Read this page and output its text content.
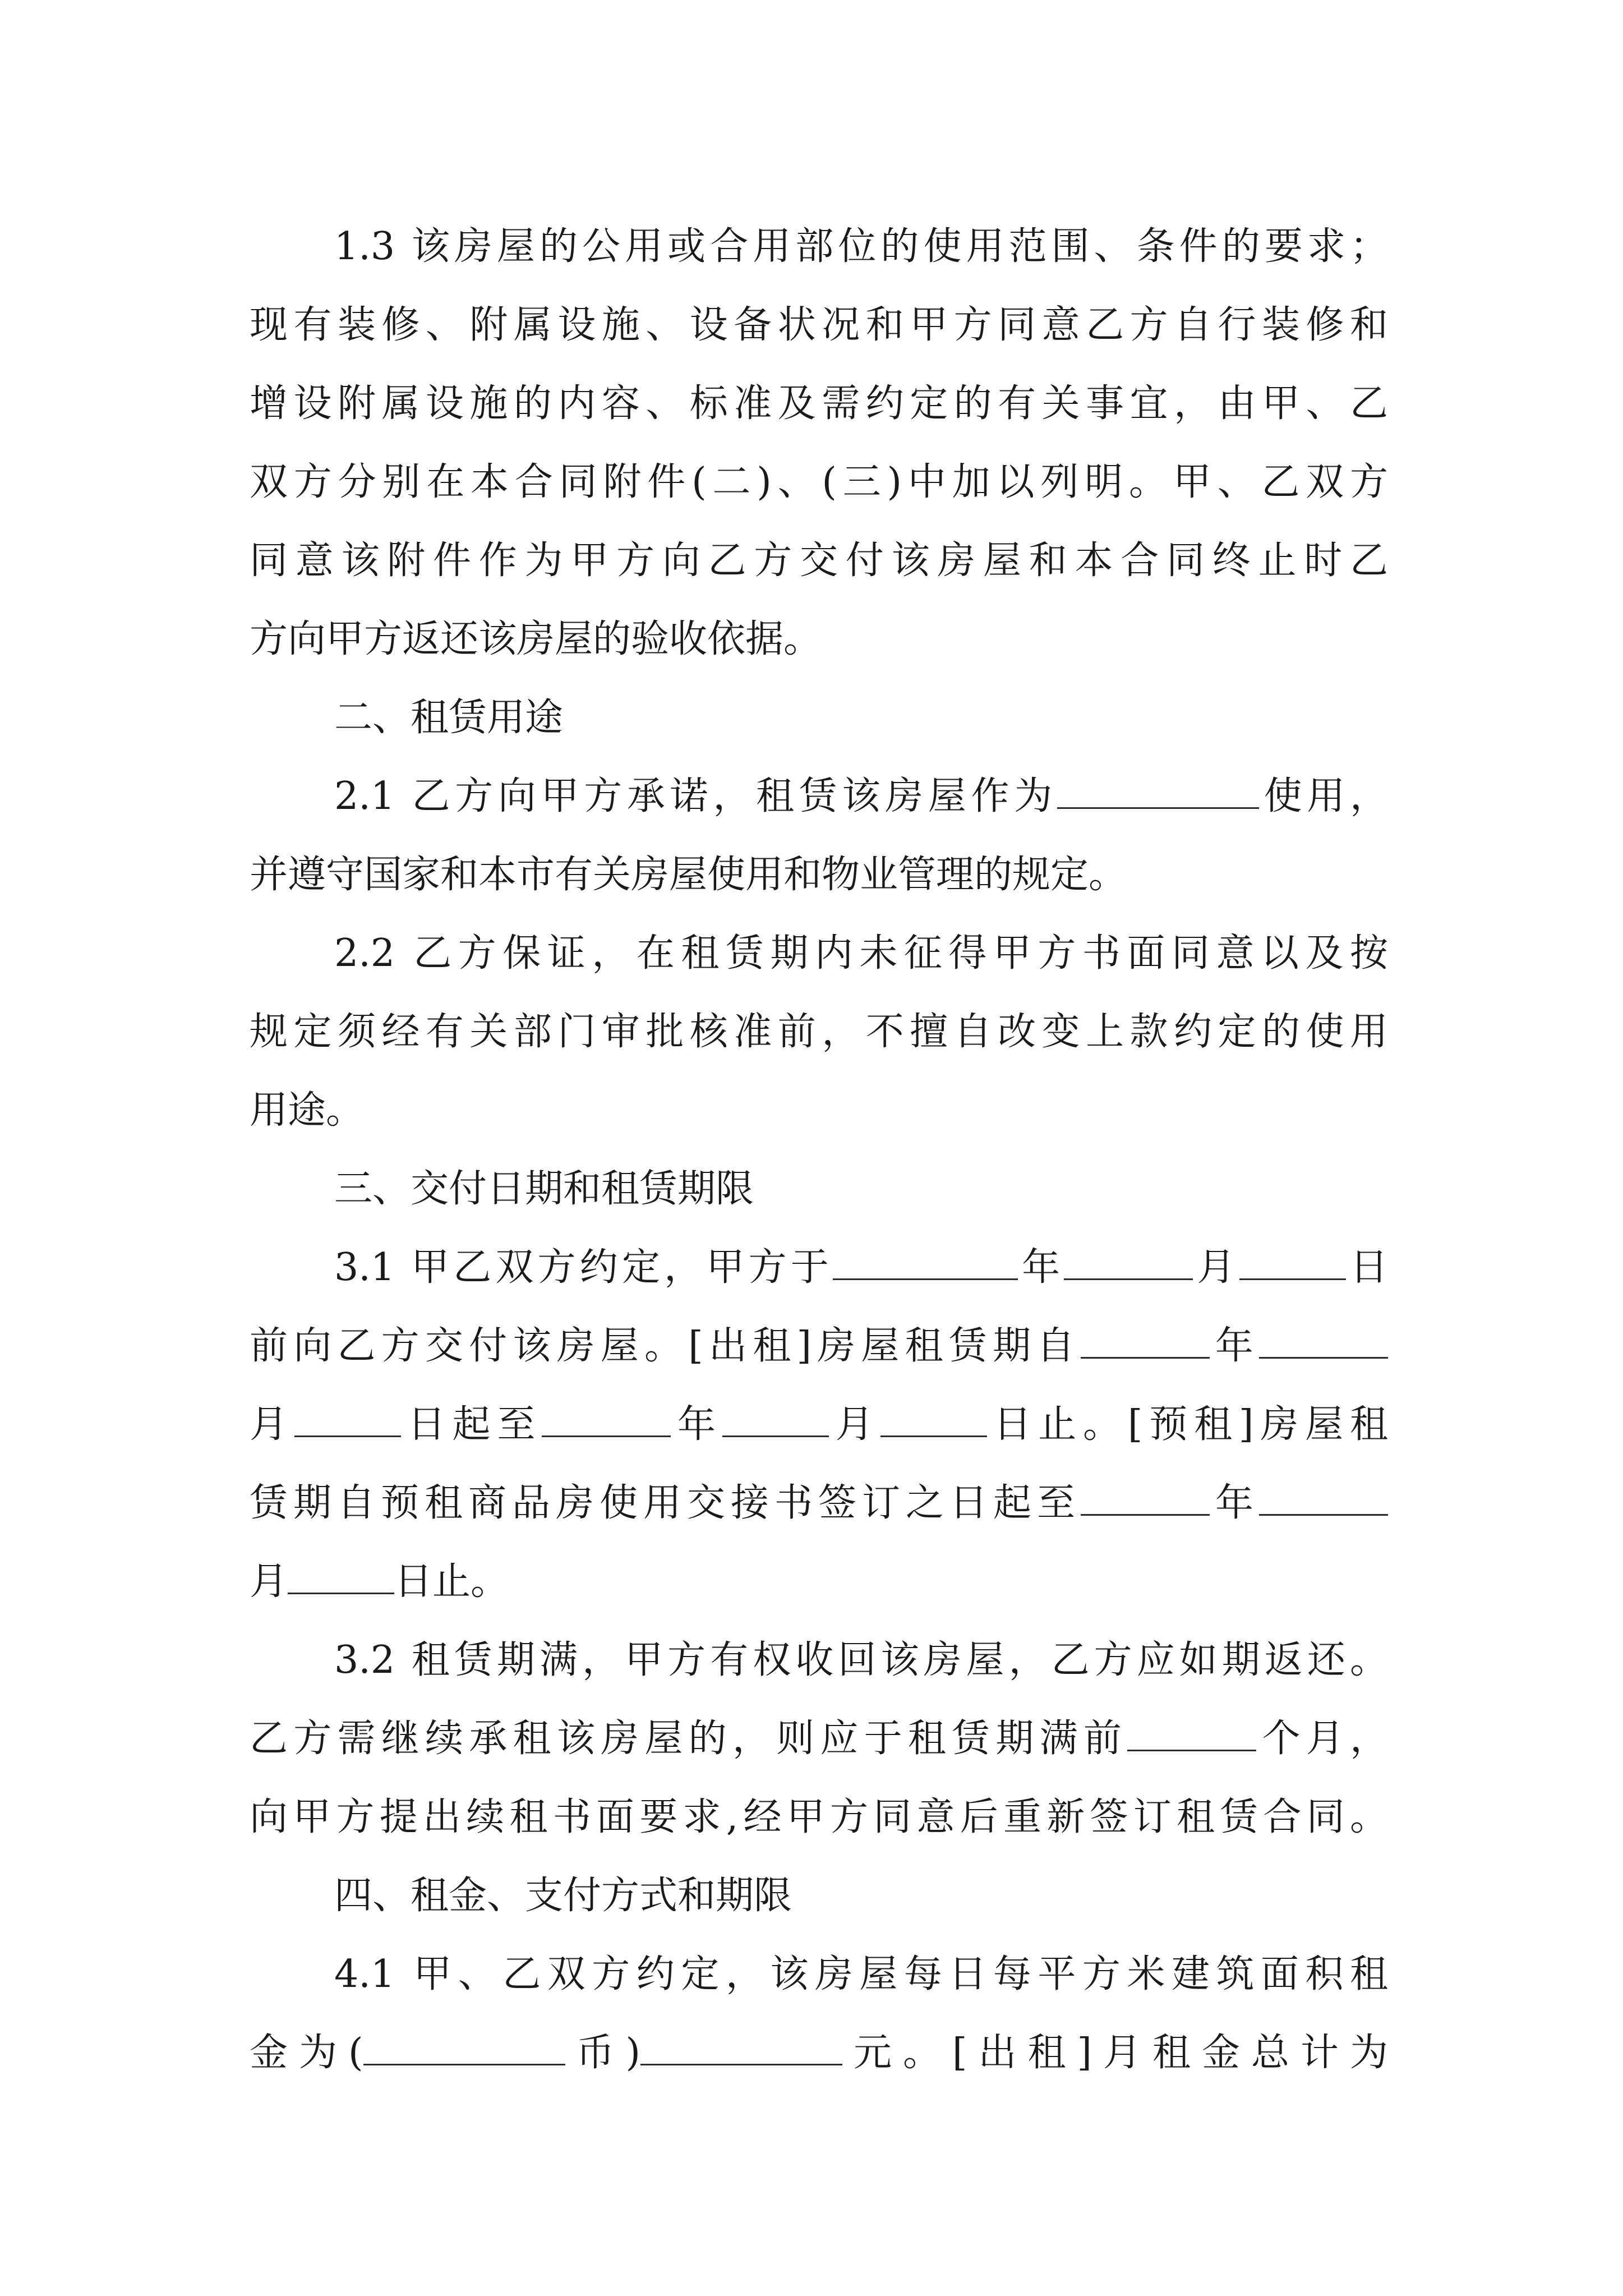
1.3 该房屋的公用或合用部位的使用范围、条件的要求；
现有装修、附属设施、设备状况和甲方同意乙方自行装修和
增设附属设施的内容、标准及需约定的有关事宜，由甲、乙
双方分别在本合同附件(二)、(三)中加以列明。甲、乙双方
同意该附件作为甲方向乙方交付该房屋和本合同终止时乙
方向甲方返还该房屋的验收依据。
二、租赁用途
2.1 乙方向甲方承诺，租赁该房屋作为	使用，
并遵守国家和本市有关房屋使用和物业管理的规定。
2.2 乙方保证，在租赁期内未征得甲方书面同意以及按
规定须经有关部门审批核准前，不擅自改变上款约定的使用
用途。
三、交付日期和租赁期限
3.1 甲乙双方约定，甲方于	年	月	日
前向乙方交付该房屋。[出租]房屋租赁期自	年
月	日起至	年	月	日止。[预租]房屋租
赁期自预租商品房使用交接书签订之日起至	年
月	日止。
3.2 租赁期满，甲方有权收回该房屋，乙方应如期返还。
乙方需继续承租该房屋的，则应于租赁期满前	个月，
向甲方提出续租书面要求,经甲方同意后重新签订租赁合同。
四、租金、支付方式和期限
4.1 甲、乙双方约定，该房屋每日每平方米建筑面积租
金为(	币)	元。[出租]月租金总计为
